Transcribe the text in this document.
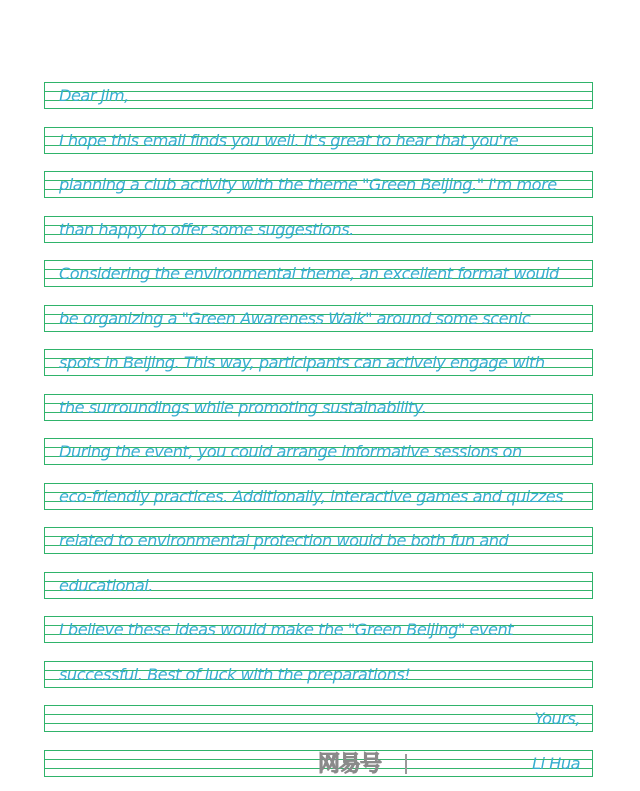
Dear Jim,
I hope this email finds you well. It's great to hear that you're
planning a club activity with the theme "Green Beijing." I'm more
than happy to offer some suggestions.
Considering the environmental theme, an excellent format would
be organizing a "Green Awareness Walk" around some scenic
spots in Beijing. This way, participants can actively engage with
the surroundings while promoting sustainability.
During the event, you could arrange informative sessions on
eco-friendly practices. Additionally, interactive games and quizzes
related to environmental protection would be both fun and
educational.
I believe these ideas would make the "Green Beijing" event
successful. Best of luck with the preparations!
Yours,
Li Hua
网易号
